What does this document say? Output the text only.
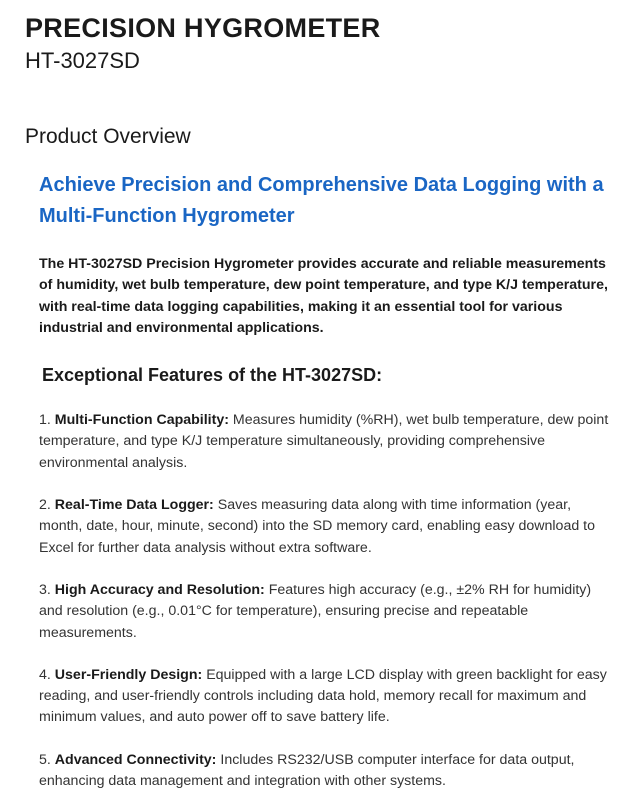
PRECISION HYGROMETER
HT-3027SD
Product Overview
Achieve Precision and Comprehensive Data Logging with a Multi-Function Hygrometer

The HT-3027SD Precision Hygrometer provides accurate and reliable measurements of humidity, wet bulb temperature, dew point temperature, and type K/J temperature, with real-time data logging capabilities, making it an essential tool for various industrial and environmental applications.

Exceptional Features of the HT-3027SD:

1. Multi-Function Capability: Measures humidity (%RH), wet bulb temperature, dew point temperature, and type K/J temperature simultaneously, providing comprehensive environmental analysis.

2. Real-Time Data Logger: Saves measuring data along with time information (year, month, date, hour, minute, second) into the SD memory card, enabling easy download to Excel for further data analysis without extra software.

3. High Accuracy and Resolution: Features high accuracy (e.g., ±2% RH for humidity) and resolution (e.g., 0.01°C for temperature), ensuring precise and repeatable measurements.

4. User-Friendly Design: Equipped with a large LCD display with green backlight for easy reading, and user-friendly controls including data hold, memory recall for maximum and minimum values, and auto power off to save battery life.

5. Advanced Connectivity: Includes RS232/USB computer interface for data output, enhancing data management and integration with other systems.
